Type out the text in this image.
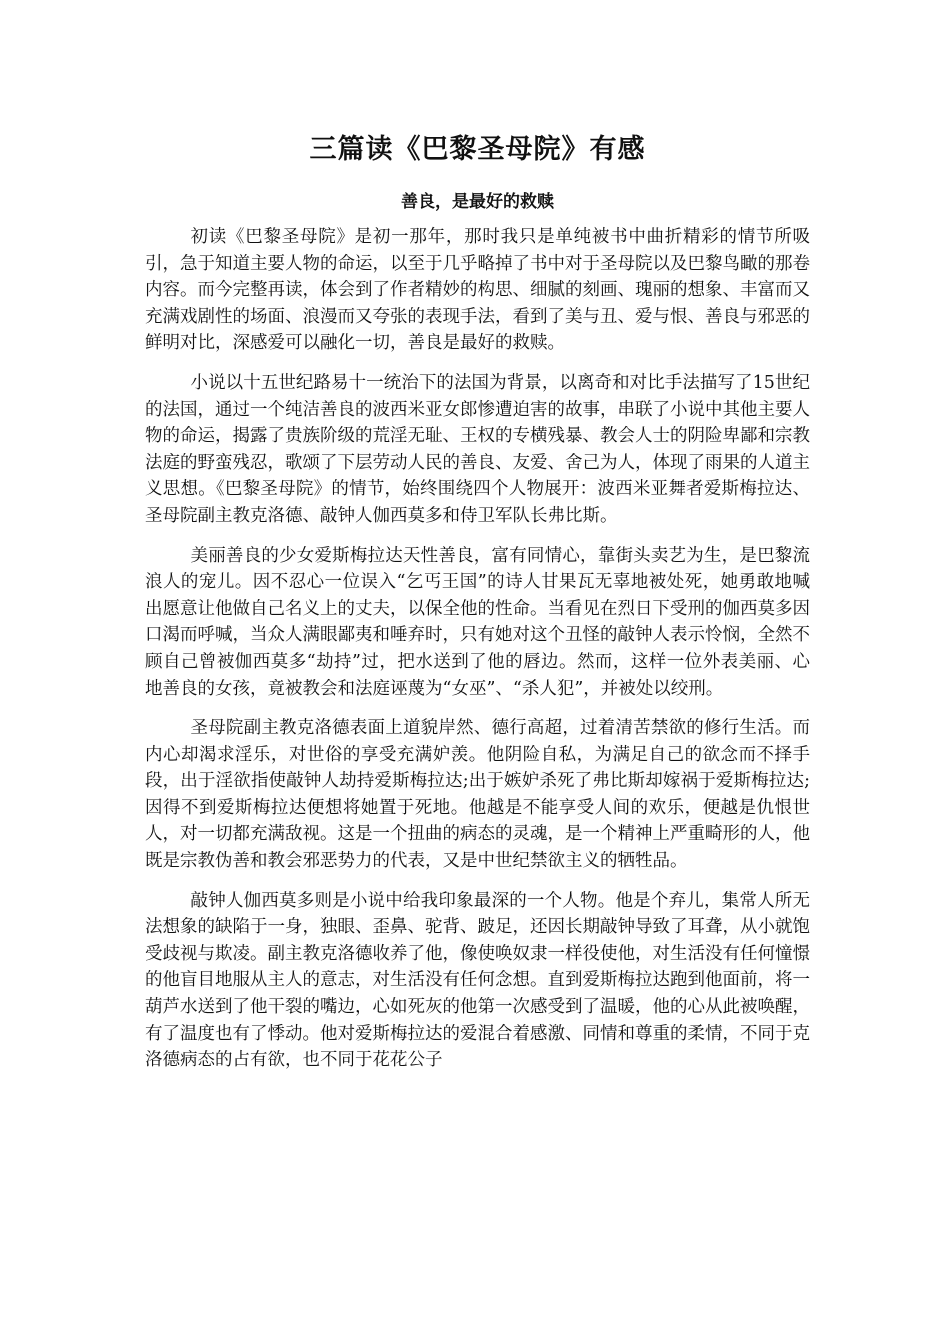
三篇读《巴黎圣母院》有感
善良，是最好的救赎

初读《巴黎圣母院》是初一那年，那时我只是单纯被书中曲折精彩的情节所吸引，急于知道主要人物的命运，以至于几乎略掉了书中对于圣母院以及巴黎鸟瞰的那卷内容。而今完整再读，体会到了作者精妙的构思、细腻的刻画、瑰丽的想象、丰富而又充满戏剧性的场面、浪漫而又夸张的表现手法，看到了美与丑、爱与恨、善良与邪恶的鲜明对比，深感爱可以融化一切，善良是最好的救赎。

小说以十五世纪路易十一统治下的法国为背景，以离奇和对比手法描写了15世纪的法国，通过一个纯洁善良的波西米亚女郎惨遭迫害的故事，串联了小说中其他主要人物的命运，揭露了贵族阶级的荒淫无耻、王权的专横残暴、教会人士的阴险卑鄙和宗教法庭的野蛮残忍，歌颂了下层劳动人民的善良、友爱、舍己为人，体现了雨果的人道主义思想。《巴黎圣母院》的情节，始终围绕四个人物展开：波西米亚舞者爱斯梅拉达、圣母院副主教克洛德、敲钟人伽西莫多和侍卫军队长弗比斯。

美丽善良的少女爱斯梅拉达天性善良，富有同情心，靠街头卖艺为生，是巴黎流浪人的宠儿。因不忍心一位误入“乞丐王国”的诗人甘果瓦无辜地被处死，她勇敢地喊出愿意让他做自己名义上的丈夫，以保全他的性命。当看见在烈日下受刑的伽西莫多因口渴而呼喊，当众人满眼鄙夷和唾弃时，只有她对这个丑怪的敲钟人表示怜悯，全然不顾自己曾被伽西莫多“劫持”过，把水送到了他的唇边。然而，这样一位外表美丽、心地善良的女孩，竟被教会和法庭诬蔑为“女巫”、“杀人犯”，并被处以绞刑。

圣母院副主教克洛德表面上道貌岸然、德行高超，过着清苦禁欲的修行生活。而内心却渴求淫乐，对世俗的享受充满妒羡。他阴险自私，为满足自己的欲念而不择手段，出于淫欲指使敲钟人劫持爱斯梅拉达;出于嫉妒杀死了弗比斯却嫁祸于爱斯梅拉达;因得不到爱斯梅拉达便想将她置于死地。他越是不能享受人间的欢乐，便越是仇恨世人，对一切都充满敌视。这是一个扭曲的病态的灵魂，是一个精神上严重畸形的人，他既是宗教伪善和教会邪恶势力的代表，又是中世纪禁欲主义的牺牲品。

敲钟人伽西莫多则是小说中给我印象最深的一个人物。他是个弃儿，集常人所无法想象的缺陷于一身，独眼、歪鼻、驼背、跛足，还因长期敲钟导致了耳聋，从小就饱受歧视与欺凌。副主教克洛德收养了他，像使唤奴隶一样役使他，对生活没有任何憧憬的他盲目地服从主人的意志，对生活没有任何念想。直到爱斯梅拉达跑到他面前，将一葫芦水送到了他干裂的嘴边，心如死灰的他第一次感受到了温暖，他的心从此被唤醒，有了温度也有了悸动。他对爱斯梅拉达的爱混合着感激、同情和尊重的柔情，不同于克洛德病态的占有欲，也不同于花花公子
